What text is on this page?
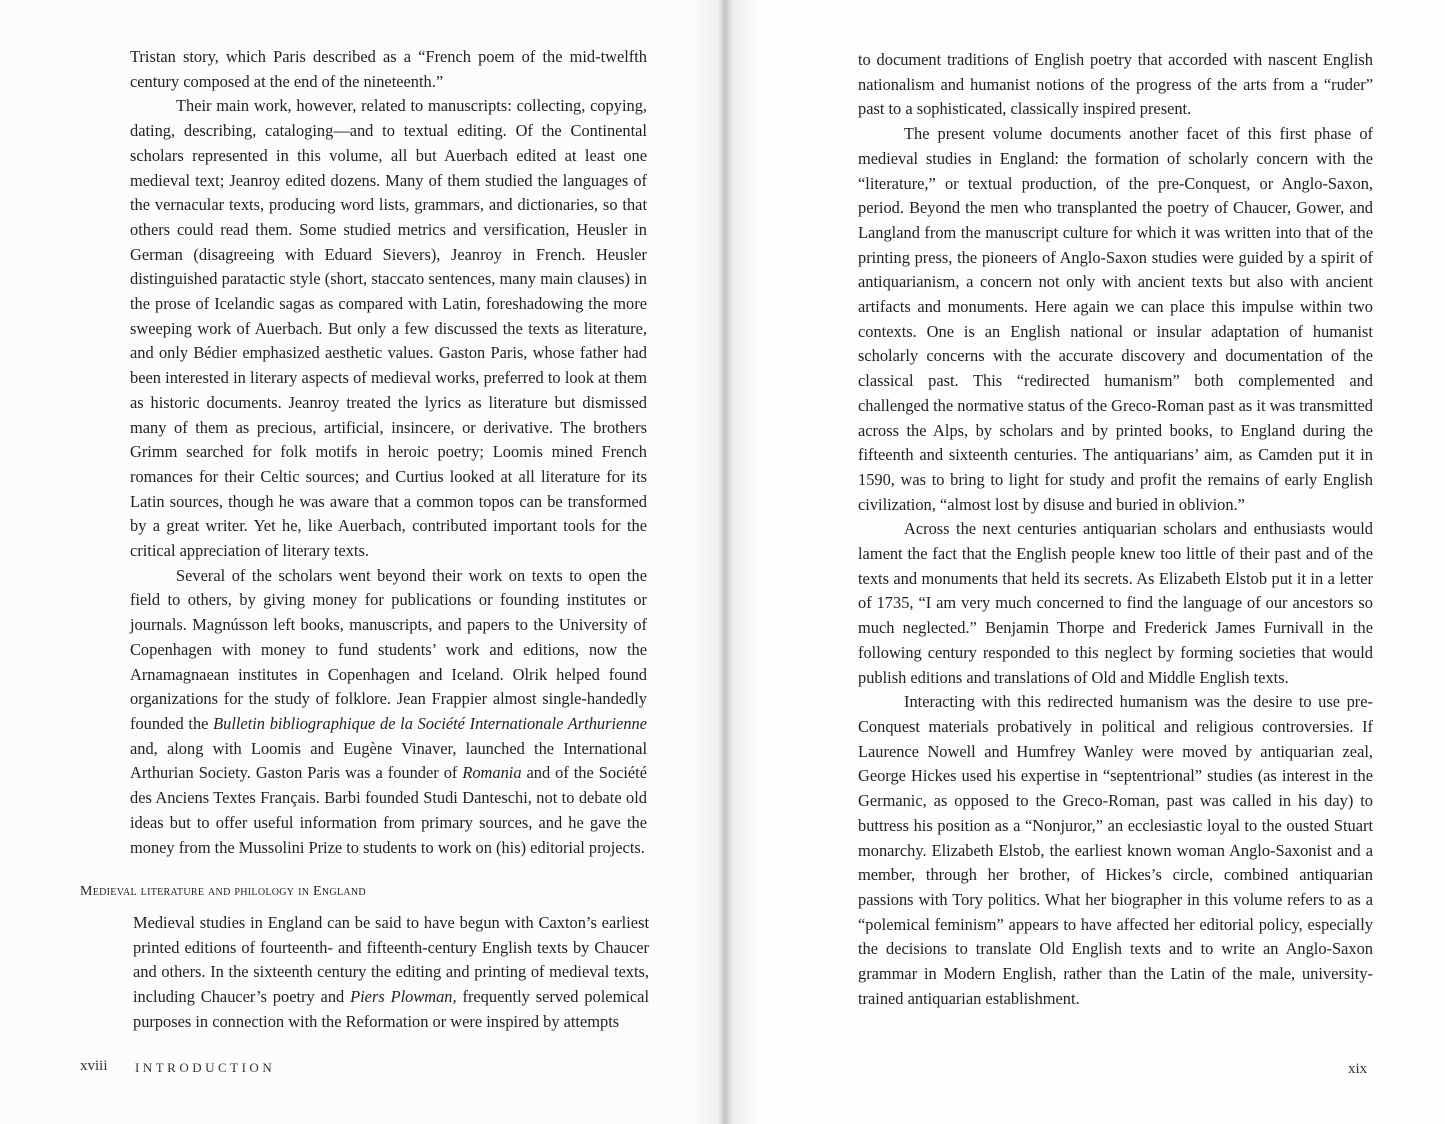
Tristan story, which Paris described as a “French poem of the mid-twelfth century composed at the end of the nineteenth.”

Their main work, however, related to manuscripts: collecting, copying, dating, describing, cataloging—and to textual editing. Of the Continental scholars represented in this volume, all but Auerbach edited at least one medieval text; Jeanroy edited dozens. Many of them studied the languages of the vernacular texts, producing word lists, grammars, and dictionaries, so that others could read them. Some studied metrics and versification, Heusler in German (disagreeing with Eduard Sievers), Jeanroy in French. Heusler distinguished paratactic style (short, staccato sentences, many main clauses) in the prose of Icelandic sagas as compared with Latin, foreshadowing the more sweeping work of Auerbach. But only a few discussed the texts as literature, and only Bédier emphasized aesthetic values. Gaston Paris, whose father had been interested in literary aspects of medieval works, preferred to look at them as historic documents. Jeanroy treated the lyrics as literature but dismissed many of them as precious, artificial, insincere, or derivative. The brothers Grimm searched for folk motifs in heroic poetry; Loomis mined French romances for their Celtic sources; and Curtius looked at all literature for its Latin sources, though he was aware that a common topos can be transformed by a great writer. Yet he, like Auerbach, contributed important tools for the critical appreciation of literary texts.

Several of the scholars went beyond their work on texts to open the field to others, by giving money for publications or founding institutes or journals. Magnússon left books, manuscripts, and papers to the University of Copenhagen with money to fund students’ work and editions, now the Arnamagnaean institutes in Copenhagen and Iceland. Olrik helped found organizations for the study of folklore. Jean Frappier almost single-handedly founded the Bulletin bibliographique de la Société Internationale Arthurienne and, along with Loomis and Eugène Vinaver, launched the International Arthurian Society. Gaston Paris was a founder of Romania and of the Société des Anciens Textes Français. Barbi founded Studi Danteschi, not to debate old ideas but to offer useful information from primary sources, and he gave the money from the Mussolini Prize to students to work on (his) editorial projects.

Medieval literature and philology in England

Medieval studies in England can be said to have begun with Caxton’s earliest printed editions of fourteenth- and fifteenth-century English texts by Chaucer and others. In the sixteenth century the editing and printing of medieval texts, including Chaucer’s poetry and Piers Plowman, frequently served polemical purposes in connection with the Reformation or were inspired by attempts

xviii INTRODUCTION

to document traditions of English poetry that accorded with nascent English nationalism and humanist notions of the progress of the arts from a “ruder” past to a sophisticated, classically inspired present.

The present volume documents another facet of this first phase of medieval studies in England: the formation of scholarly concern with the “literature,” or textual production, of the pre-Conquest, or Anglo-Saxon, period. Beyond the men who transplanted the poetry of Chaucer, Gower, and Langland from the manuscript culture for which it was written into that of the printing press, the pioneers of Anglo-Saxon studies were guided by a spirit of antiquarianism, a concern not only with ancient texts but also with ancient artifacts and monuments. Here again we can place this impulse within two contexts. One is an English national or insular adaptation of humanist scholarly concerns with the accurate discovery and documentation of the classical past. This “redirected humanism” both complemented and challenged the normative status of the Greco-Roman past as it was transmitted across the Alps, by scholars and by printed books, to England during the fifteenth and sixteenth centuries. The antiquarians’ aim, as Camden put it in 1590, was to bring to light for study and profit the remains of early English civilization, “almost lost by disuse and buried in oblivion.”

Across the next centuries antiquarian scholars and enthusiasts would lament the fact that the English people knew too little of their past and of the texts and monuments that held its secrets. As Elizabeth Elstob put it in a letter of 1735, “I am very much concerned to find the language of our ancestors so much neglected.” Benjamin Thorpe and Frederick James Furnivall in the following century responded to this neglect by forming societies that would publish editions and translations of Old and Middle English texts.

Interacting with this redirected humanism was the desire to use pre-Conquest materials probatively in political and religious controversies. If Laurence Nowell and Humfrey Wanley were moved by antiquarian zeal, George Hickes used his expertise in “septentrional” studies (as interest in the Germanic, as opposed to the Greco-Roman, past was called in his day) to buttress his position as a “Nonjuror,” an ecclesiastic loyal to the ousted Stuart monarchy. Elizabeth Elstob, the earliest known woman Anglo-Saxonist and a member, through her brother, of Hickes’s circle, combined antiquarian passions with Tory politics. What her biographer in this volume refers to as a “polemical feminism” appears to have affected her editorial policy, especially the decisions to translate Old English texts and to write an Anglo-Saxon grammar in Modern English, rather than the Latin of the male, university-trained antiquarian establishment.

xix
